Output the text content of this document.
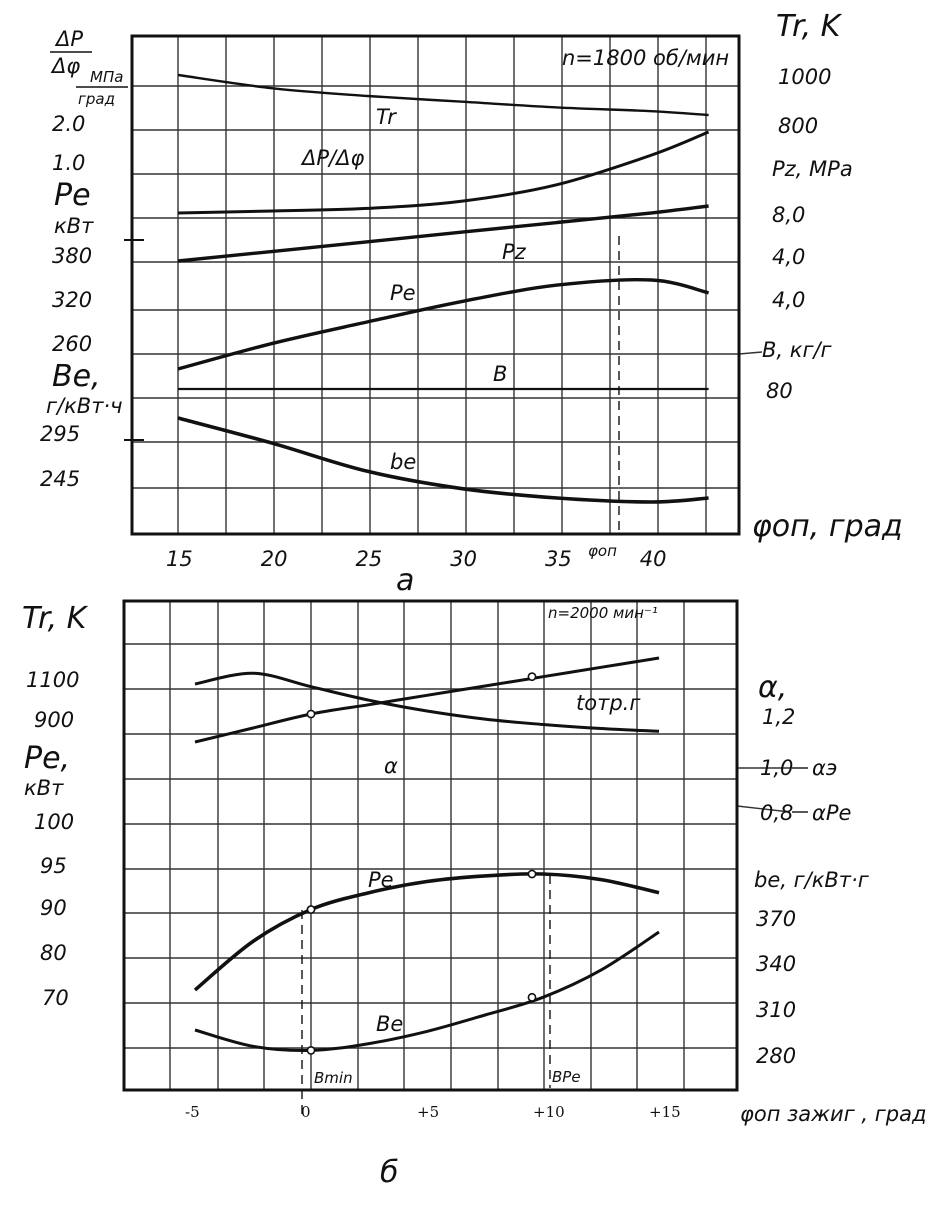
Tr
ΔP/Δφ
Pz
Pe
B
be
n=1800 об/мин
ΔP
Δφ MПа
град
2.0
1.0
Pe
кВт
380
320
260
Be,
г/кВт·ч
295
245
Tr, K
1000
800
Pz, MPa
8,0
4,0
4,0
B, кг/г
80
15	20	25	30	35	40
φоп
φоп, град
а
tотр.г
α
Pe
Be
n=2000 мин⁻¹
Tr, K
1100
900
Pe,
кВт
100
95
90
80
70
α,
1,2
1,0
0,8
αэ
αPe
be, г/кВт·г
370
340
310
280
Bmin	BPe
-5	0	+5	+10	+15	φоп зажиг , град
б
